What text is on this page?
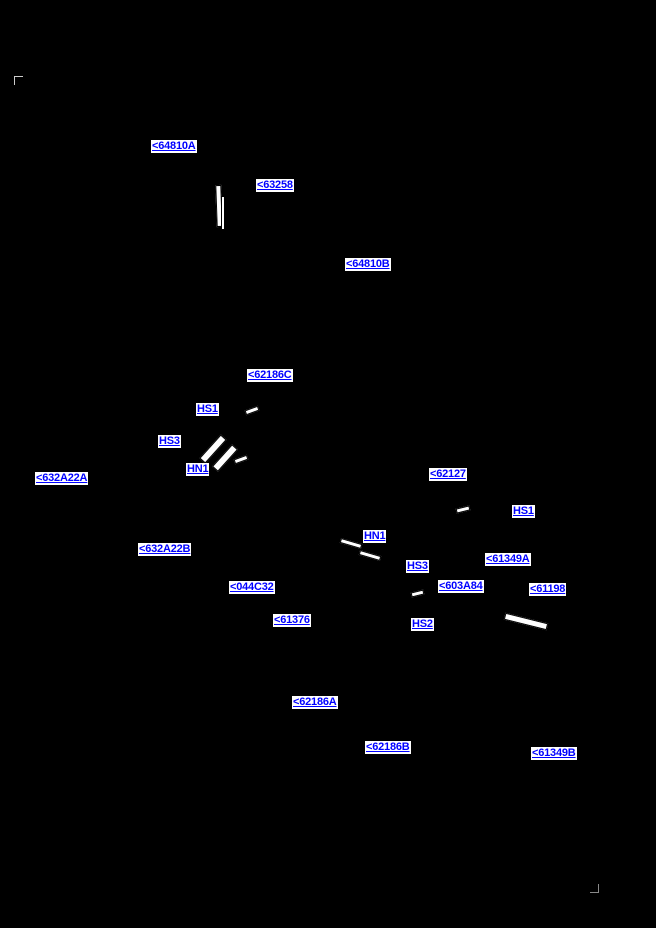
<64810A
<63258
<64810B
<62186C
HS1
HS3
HN1
<632A22A	<62127
HS1
HN1
<632A22B
HS3
<61349A
<044C32	<603A84	<61198
<61376	HS2
<62186A
<62186B	<61349B
